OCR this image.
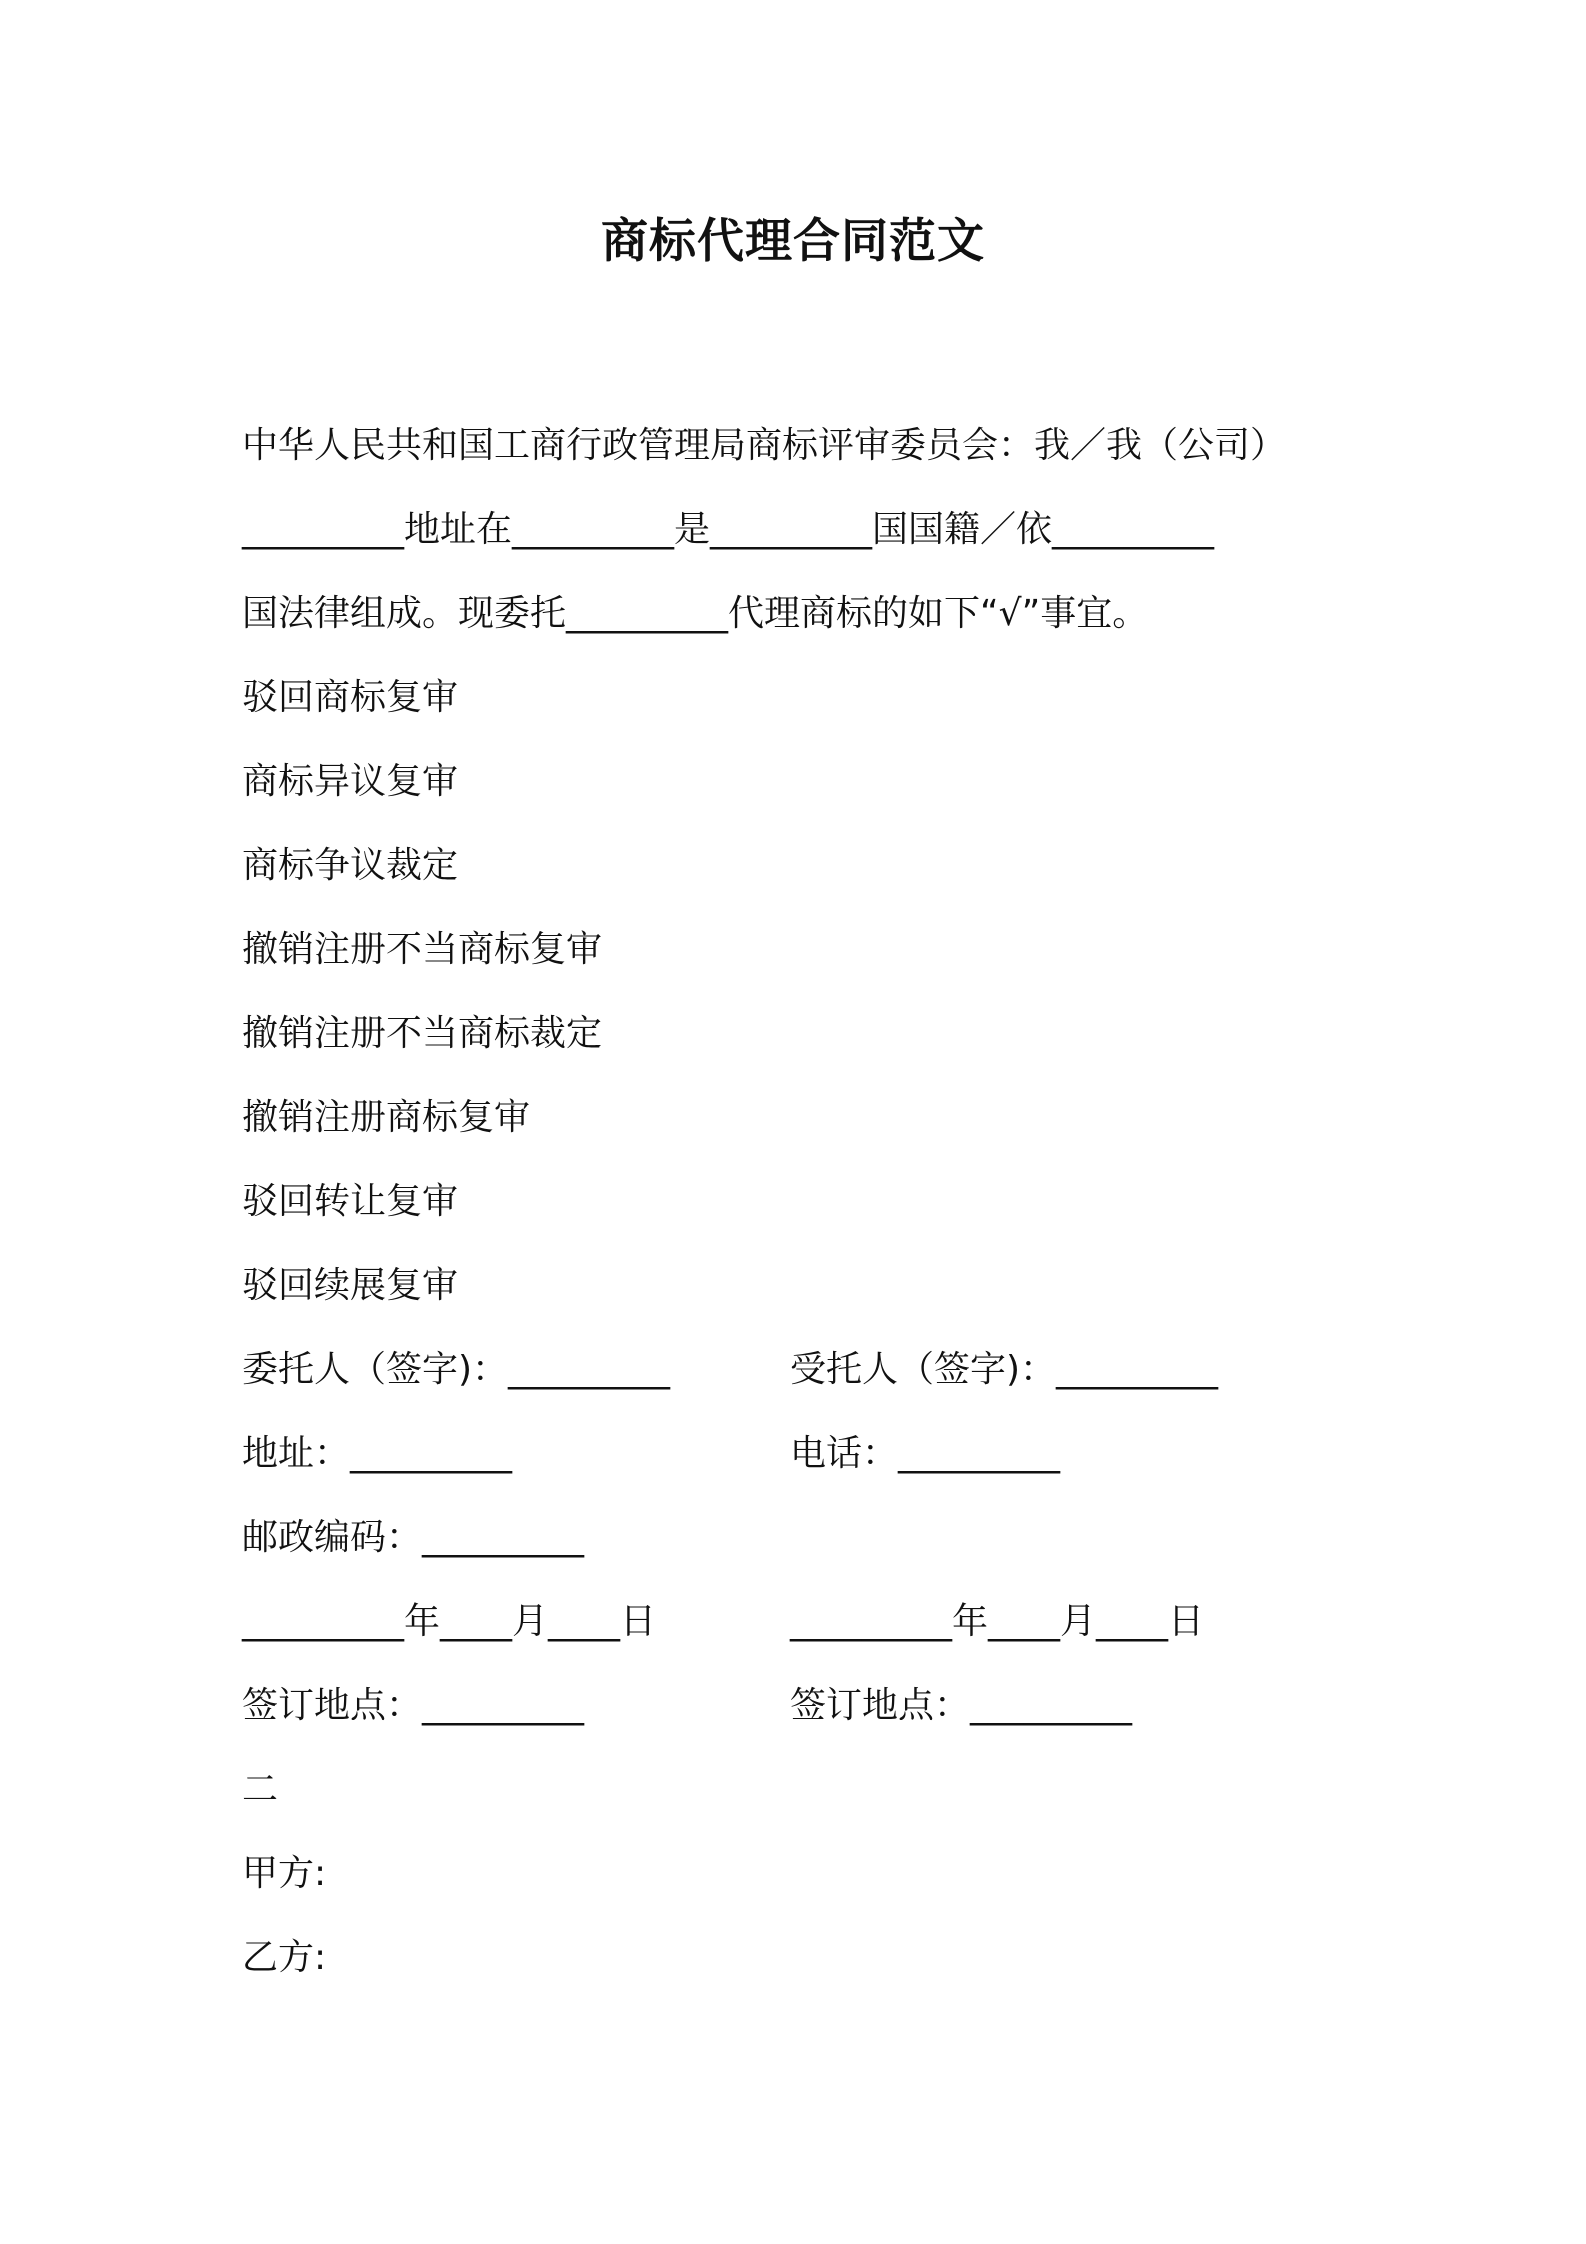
商标代理合同范文
中华人民共和国工商行政管理局商标评审委员会：我／我（公司）
_________地址在_________是_________国国籍／依_________
国法律组成。现委托_________代理商标的如下“√”事宜。
驳回商标复审
商标异议复审
商标争议裁定
撤销注册不当商标复审
撤销注册不当商标裁定
撤销注册商标复审
驳回转让复审
驳回续展复审
委托人（签字)：_________	受托人（签字)：_________
地址：_________	电话：_________
邮政编码：_________
_________年____月____日	_________年____月____日
签订地点：_________	签订地点：_________
二
甲方:
乙方:
